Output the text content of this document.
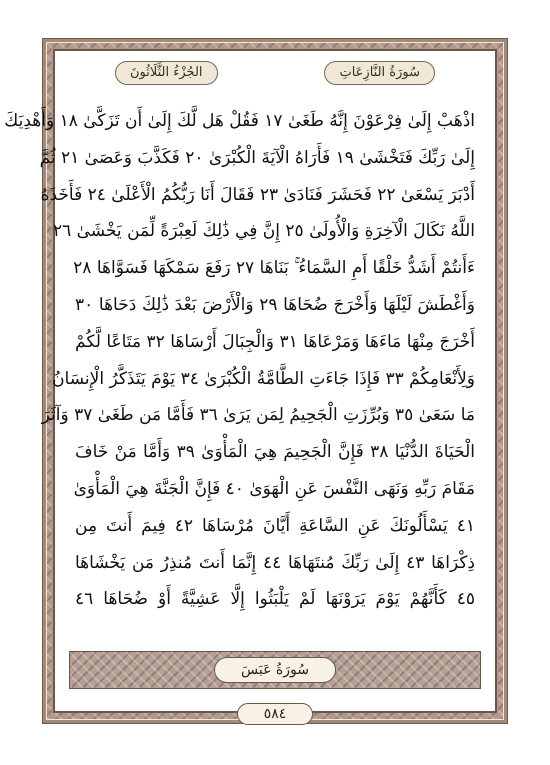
الجُزْءُ الثَّلَاثُونَ	سُورَةُ النَّازِعَاتِ
اذْهَبْ إِلَىٰ فِرْعَوْنَ إِنَّهُ طَغَىٰ ١٧ فَقُلْ هَل لَّكَ إِلَىٰ أَن تَزَكَّىٰ ١٨ وَأَهْدِيَكَ
إِلَىٰ رَبِّكَ فَتَخْشَىٰ ١٩ فَأَرَاهُ الْآيَةَ الْكُبْرَىٰ ٢٠ فَكَذَّبَ وَعَصَىٰ ٢١ ثُمَّ
أَدْبَرَ يَسْعَىٰ ٢٢ فَحَشَرَ فَنَادَىٰ ٢٣ فَقَالَ أَنَا رَبُّكُمُ الْأَعْلَىٰ ٢٤ فَأَخَذَهُ
اللَّهُ نَكَالَ الْآخِرَةِ وَالْأُولَىٰ ٢٥ إِنَّ فِي ذَٰلِكَ لَعِبْرَةً لِّمَن يَخْشَىٰ ٢٦
ءَأَنتُمْ أَشَدُّ خَلْقًا أَمِ السَّمَاءُ ۚ بَنَاهَا ٢٧ رَفَعَ سَمْكَهَا فَسَوَّاهَا ٢٨
وَأَغْطَشَ لَيْلَهَا وَأَخْرَجَ ضُحَاهَا ٢٩ وَالْأَرْضَ بَعْدَ ذَٰلِكَ دَحَاهَا ٣٠
أَخْرَجَ مِنْهَا مَاءَهَا وَمَرْعَاهَا ٣١ وَالْجِبَالَ أَرْسَاهَا ٣٢ مَتَاعًا لَّكُمْ
وَلِأَنْعَامِكُمْ ٣٣ فَإِذَا جَاءَتِ الطَّامَّةُ الْكُبْرَىٰ ٣٤ يَوْمَ يَتَذَكَّرُ الْإِنسَانُ
مَا سَعَىٰ ٣٥ وَبُرِّزَتِ الْجَحِيمُ لِمَن يَرَىٰ ٣٦ فَأَمَّا مَن طَغَىٰ ٣٧ وَآثَرَ
الْحَيَاةَ الدُّنْيَا ٣٨ فَإِنَّ الْجَحِيمَ هِيَ الْمَأْوَىٰ ٣٩ وَأَمَّا مَنْ خَافَ
مَقَامَ رَبِّهِ وَنَهَى النَّفْسَ عَنِ الْهَوَىٰ ٤٠ فَإِنَّ الْجَنَّةَ هِيَ الْمَأْوَىٰ
٤١ يَسْأَلُونَكَ عَنِ السَّاعَةِ أَيَّانَ مُرْسَاهَا ٤٢ فِيمَ أَنتَ مِن
ذِكْرَاهَا ٤٣ إِلَىٰ رَبِّكَ مُنتَهَاهَا ٤٤ إِنَّمَا أَنتَ مُنذِرُ مَن يَخْشَاهَا
٤٥ كَأَنَّهُمْ يَوْمَ يَرَوْنَهَا لَمْ يَلْبَثُوا إِلَّا عَشِيَّةً أَوْ ضُحَاهَا ٤٦
سُورَةُ عَبَسَ
٥٨٤
